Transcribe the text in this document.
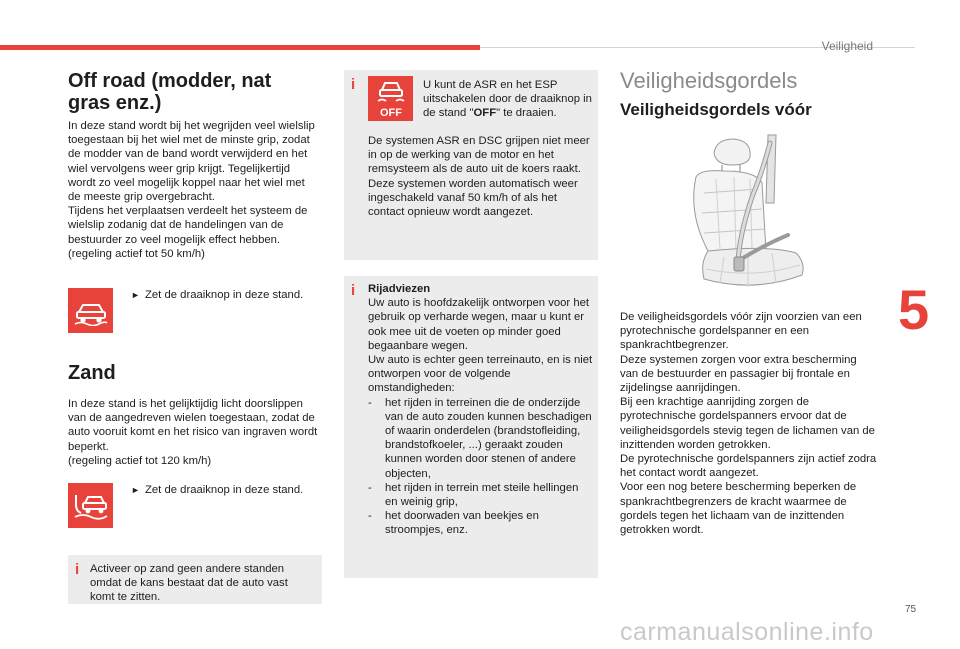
Veiligheid
Off road (modder, nat gras enz.)

In deze stand wordt bij het wegrijden veel wielslip toegestaan bij het wiel met de minste grip, zodat de modder van de band wordt verwijderd en het wiel vervolgens weer grip krijgt. Tegelijkertijd wordt zo veel mogelijk koppel naar het wiel met de meeste grip overgebracht.

Tijdens het verplaatsen verdeelt het systeem de wielslip zodanig dat de handelingen van de bestuurder zo veel mogelijk effect hebben.

(regeling actief tot 50 km/h)

► Zet de draaiknop in deze stand.
Zand

In deze stand is het gelijktijdig licht doorslippen van de aangedreven wielen toegestaan, zodat de auto vooruit komt en het risico van ingraven wordt beperkt.

(regeling actief tot 120 km/h)

► Zet de draaiknop in deze stand.
i Activeer op zand geen andere standen omdat de kans bestaat dat de auto vast komt te zitten.
i
OFF
U kunt de ASR en het ESP uitschakelen door de draaiknop in de stand "OFF" te draaien.
De systemen ASR en DSC grijpen niet meer in op de werking van de motor en het remsysteem als de auto uit de koers raakt. Deze systemen worden automatisch weer ingeschakeld vanaf 50 km/h of als het contact opnieuw wordt aangezet.
i Rijadviezen

Uw auto is hoofdzakelijk ontworpen voor het gebruik op verharde wegen, maar u kunt er ook mee uit de voeten op minder goed begaanbare wegen.

Uw auto is echter geen terreinauto, en is niet ontworpen voor de volgende omstandigheden:

-	het rijden in terreinen die de onderzijde van de auto zouden kunnen beschadigen of waarin onderdelen (brandstofleiding, brandstofkoeler, ...) geraakt zouden kunnen worden door stenen of andere objecten,
-	het rijden in terrein met steile hellingen en weinig grip,
-	het doorwaden van beekjes en stroompjes, enz.
Veiligheidsgordels
Veiligheidsgordels vóór

De veiligheidsgordels vóór zijn voorzien van een pyrotechnische gordelspanner en een spankrachtbegrenzer.

Deze systemen zorgen voor extra bescherming van de bestuurder en passagier bij frontale en zijdelingse aanrijdingen.

Bij een krachtige aanrijding zorgen de pyrotechnische gordelspanners ervoor dat de veiligheidsgordels stevig tegen de lichamen van de inzittenden worden getrokken.

De pyrotechnische gordelspanners zijn actief zodra het contact wordt aangezet.

Voor een nog betere bescherming beperken de spankrachtbegrenzers de kracht waarmee de gordels tegen het lichaam van de inzittenden getrokken wordt.

5
75
carmanualsonline.info
